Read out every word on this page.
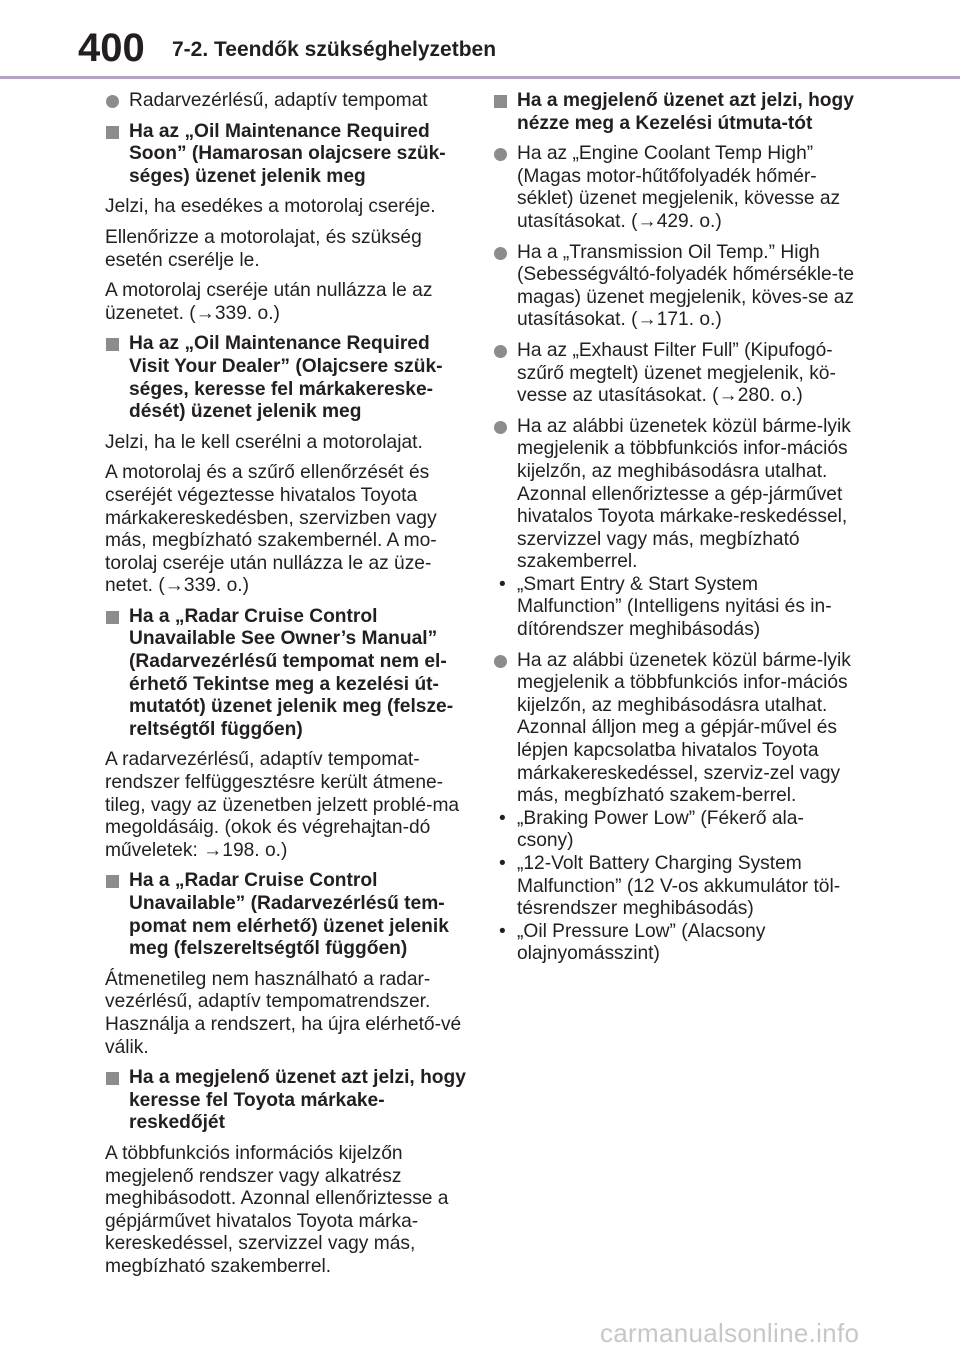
400 7-2. Teendők szükséghelyzetben
Radarvezérlésű, adaptív tempomat
Ha az „Oil Maintenance Required Soon” (Hamarosan olajcsere szük-séges) üzenet jelenik meg
Jelzi, ha esedékes a motorolaj cseréje.
Ellenőrizze a motorolajat, és szükség esetén cserélje le.
A motorolaj cseréje után nullázza le az üzenetet. (→339. o.)
Ha az „Oil Maintenance Required Visit Your Dealer” (Olajcsere szük-séges, keresse fel márkakereske-dését) üzenet jelenik meg
Jelzi, ha le kell cserélni a motorolajat.
A motorolaj és a szűrő ellenőrzését és cseréjét végeztesse hivatalos Toyota márkakereskedésben, szervizben vagy más, megbízható szakembernél. A mo-torolaj cseréje után nullázza le az üze-netet. (→339. o.)
Ha a „Radar Cruise Control Unavailable See Owner’s Manual” (Radarvezérlésű tempomat nem el-érhető Tekintse meg a kezelési út-mutatót) üzenet jelenik meg (felsze-reltségtől függően)
A radarvezérlésű, adaptív tempomat-rendszer felfüggesztésre került átmene-tileg, vagy az üzenetben jelzett problé-ma megoldásáig. (okok és végrehajtan-dó műveletek: →198. o.)
Ha a „Radar Cruise Control Unavailable” (Radarvezérlésű tem-pomat nem elérhető) üzenet jelenik meg (felszereltségtől függően)
Átmenetileg nem használható a radar-vezérlésű, adaptív tempomatrendszer. Használja a rendszert, ha újra elérhető-vé válik.
Ha a megjelenő üzenet azt jelzi, hogy keresse fel Toyota márkake-reskedőjét
A többfunkciós információs kijelzőn megjelenő rendszer vagy alkatrész meghibásodott. Azonnal ellenőriztesse a gépjárművet hivatalos Toyota márka-kereskedéssel, szervizzel vagy más, megbízható szakemberrel.
Ha a megjelenő üzenet azt jelzi, hogy nézze meg a Kezelési útmuta-tót
Ha az „Engine Coolant Temp High” (Magas motor-hűtőfolyadék hőmér-séklet) üzenet megjelenik, kövesse az utasításokat. (→429. o.)
Ha a „Transmission Oil Temp.” High (Sebességváltó-folyadék hőmérsékle-te magas) üzenet megjelenik, köves-se az utasításokat. (→171. o.)
Ha az „Exhaust Filter Full” (Kipufogó-szűrő megtelt) üzenet megjelenik, kö-vesse az utasításokat. (→280. o.)
Ha az alábbi üzenetek közül bárme-lyik megjelenik a többfunkciós infor-mációs kijelzőn, az meghibásodásra utalhat. Azonnal ellenőriztesse a gép-járművet hivatalos Toyota márkake-reskedéssel, szervizzel vagy más, megbízható szakemberrel.
• „Smart Entry & Start System Malfunction” (Intelligens nyitási és in-dítórendszer meghibásodás)
Ha az alábbi üzenetek közül bárme-lyik megjelenik a többfunkciós infor-mációs kijelzőn, az meghibásodásra utalhat. Azonnal álljon meg a gépjár-művel és lépjen kapcsolatba hivatalos Toyota márkakereskedéssel, szerviz-zel vagy más, megbízható szakem-berrel.
• „Braking Power Low” (Fékerő ala-csony)
• „12-Volt Battery Charging System Malfunction” (12 V-os akkumulátor töl-tésrendszer meghibásodás)
• „Oil Pressure Low” (Alacsony olajnyomásszint)
carmanualsonline.info
